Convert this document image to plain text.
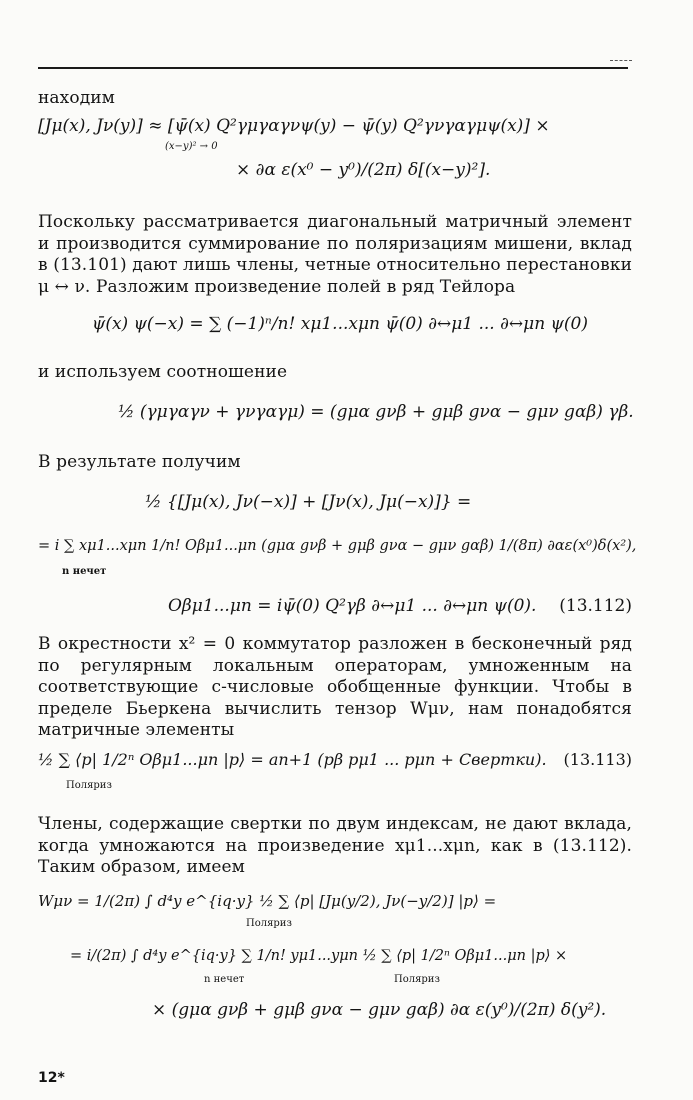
находим
[Jμ(x), Jν(y)] ≈ [ψ̄(x) Q²γμγαγνψ(y) − ψ̄(y) Q²γνγαγμψ(x)] ×
(x−y)² → 0
× ∂α ε(x⁰ − y⁰)/(2π) δ[(x−y)²].
Поскольку рассматривается диагональный матричный элемент и производится суммирование по поляризациям мишени, вклад в (13.101) дают лишь члены, четные относительно перестановки μ ↔ ν. Разложим произведение полей в ряд Тейлора
ψ̄(x) ψ(−x) = ∑ (−1)ⁿ/n! xμ1...xμn ψ̄(0) ∂↔μ1 ... ∂↔μn ψ(0)
и используем соотношение
½ (γμγαγν + γνγαγμ) = (gμα gνβ + gμβ gνα − gμν gαβ) γβ.
В результате получим
½ {[Jμ(x), Jν(−x)] + [Jν(x), Jμ(−x)]} =
= i ∑ xμ1...xμn 1/n! Oβμ1...μn (gμα gνβ + gμβ gνα − gμν gαβ) 1/(8π) ∂αε(x⁰)δ(x²),
n нечет
Oβμ1...μn = iψ̄(0) Q²γβ ∂↔μ1 ... ∂↔μn ψ(0). (13.112)
В окрестности x² = 0 коммутатор разложен в бесконечный ряд по регулярным локальным операторам, умноженным на соответствующие c-числовые обобщенные функции. Чтобы в пределе Бьеркена вычислить тензор Wμν, нам понадобятся матричные элементы
½ ∑ ⟨p| 1/2ⁿ Oβμ1...μn |p⟩ = an+1 (pβ pμ1 ... pμn + Свертки). (13.113)
Поляриз
Члены, содержащие свертки по двум индексам, не дают вклада, когда умножаются на произведение xμ1...xμn, как в (13.112). Таким образом, имеем
Wμν = 1/(2π) ∫ d⁴y e^{iq·y} ½ ∑ ⟨p| [Jμ(y/2), Jν(−y/2)] |p⟩ =
Поляриз
= i/(2π) ∫ d⁴y e^{iq·y} ∑ 1/n! yμ1...yμn ½ ∑ ⟨p| 1/2ⁿ Oβμ1...μn |p⟩ ×
n нечет	Поляриз
× (gμα gνβ + gμβ gνα − gμν gαβ) ∂α ε(y⁰)/(2π) δ(y²).
12*
